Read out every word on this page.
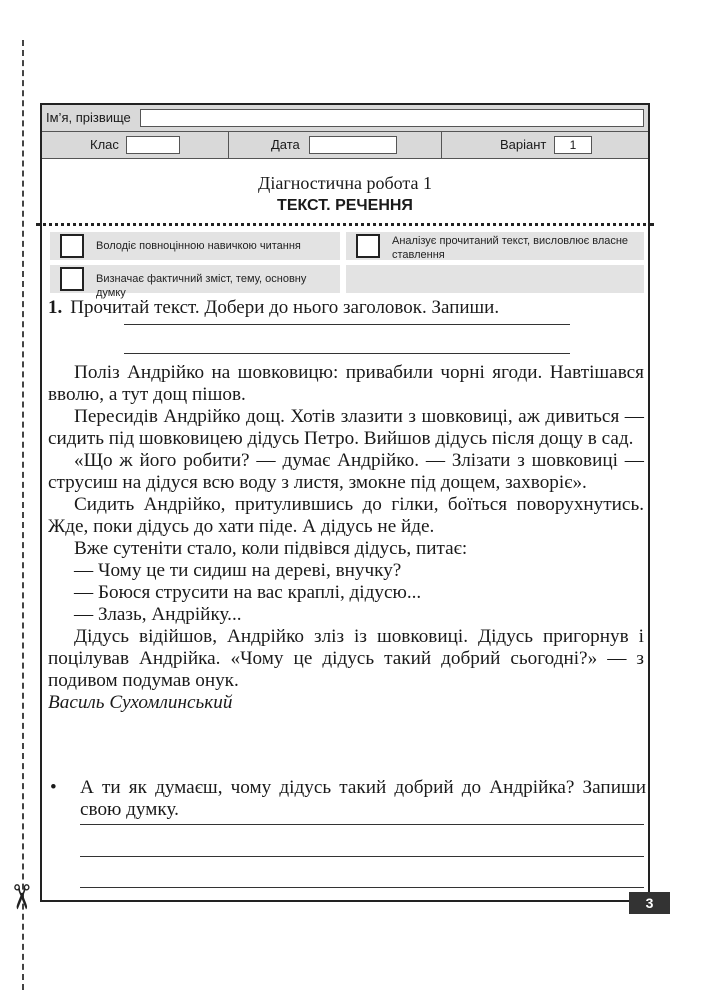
✂
Ім’я, прізвище
Клас	Дата	Варіант	1
Діагностична робота 1
ТЕКСТ. РЕЧЕННЯ
Володіє повноцінною навичкою читання	Аналізує прочитаний текст, висловлює власне ставлення
Визначає фактичний зміст, тему, основну думку
1. Прочитай текст. Добери до нього заголовок. Запиши.

Поліз Андрійко на шовковицю: привабили чорні ягоди. Навтішався вволю, а тут дощ пішов.

Пересидів Андрійко дощ. Хотів злазити з шовковиці, аж дивиться — сидить під шовковицею дідусь Петро. Вийшов дідусь після дощу в сад.

«Що ж його робити? — думає Андрійко. — Злізати з шовковиці — струсиш на дідуся всю воду з листя, змокне під дощем, захворіє».

Сидить Андрійко, притулившись до гілки, боїться поворухнутись. Жде, поки дідусь до хати піде. А дідусь не йде.

Вже сутеніти стало, коли підвівся дідусь, питає:

— Чому це ти сидиш на дереві, внучку?

— Боюся струсити на вас краплі, дідусю...

— Злазь, Андрійку...

Дідусь відійшов, Андрійко зліз із шовковиці. Дідусь пригорнув і поцілував Андрійка. «Чому це дідусь такий добрий сьогодні?» — з подивом подумав онук.

Василь Сухомлинський

• А ти як думаєш, чому дідусь такий добрий до Андрійка? Запиши свою думку.
3
